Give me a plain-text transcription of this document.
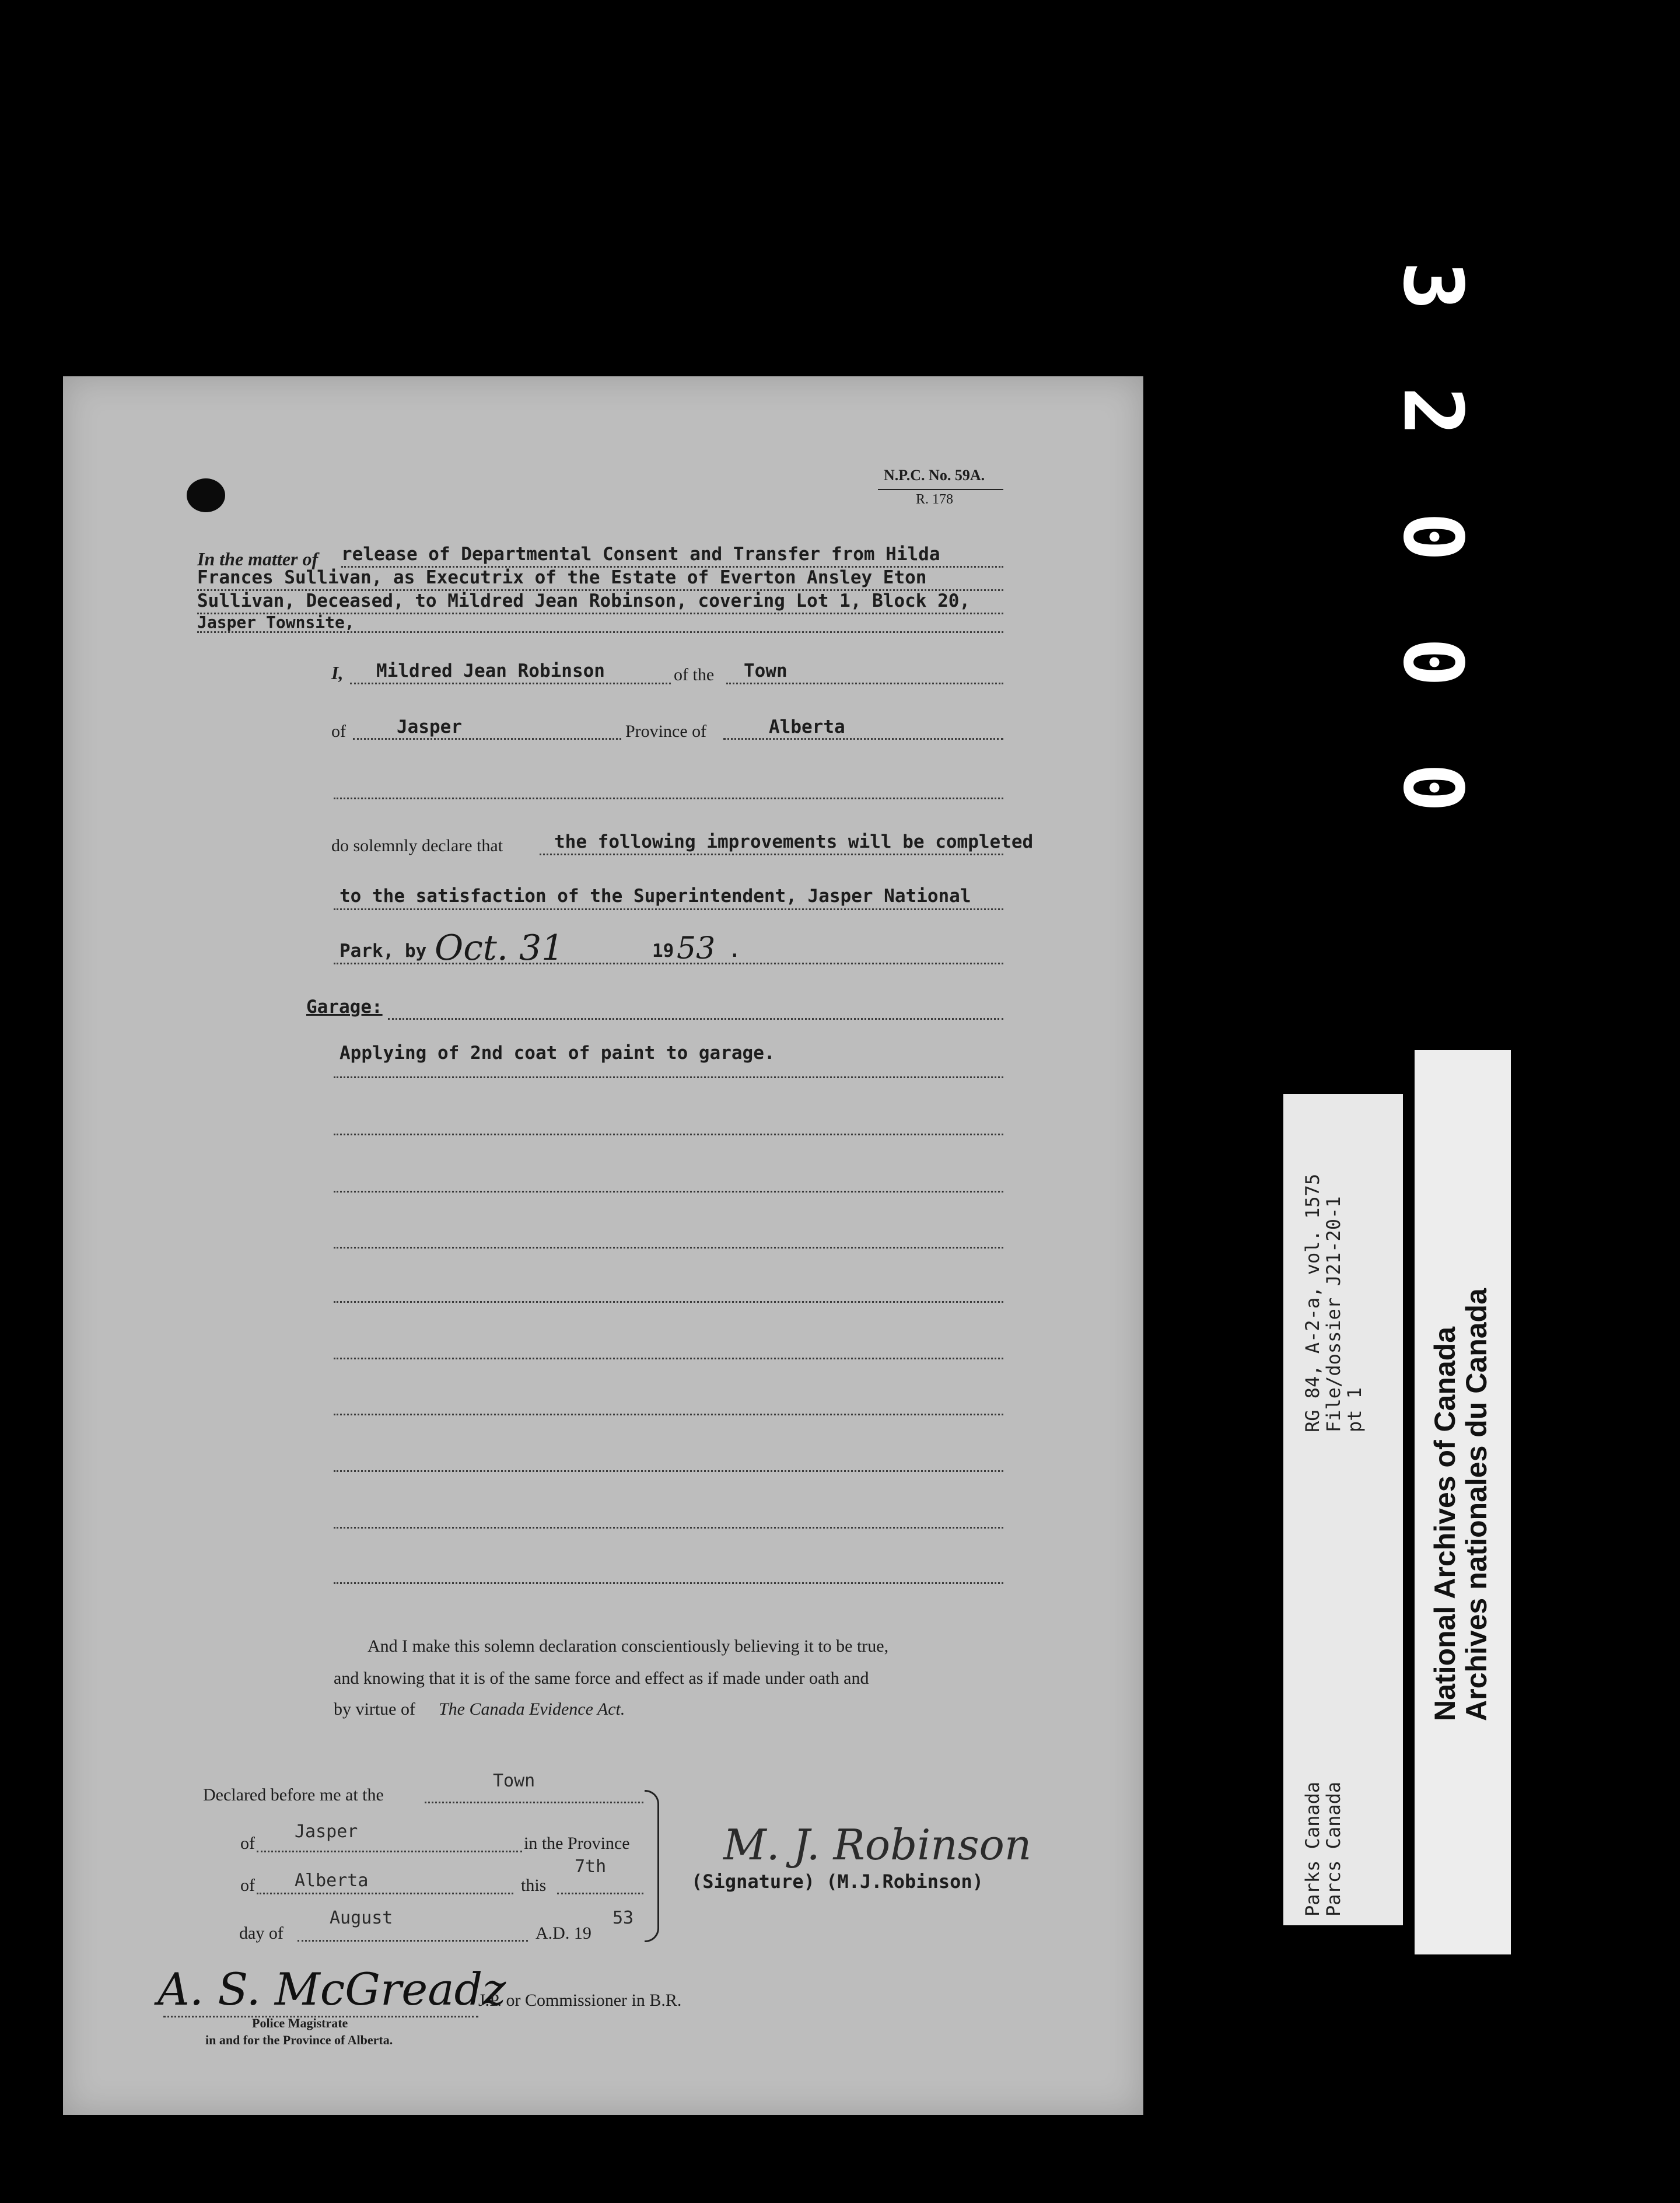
3
2
0
0
0
RG 84, A-2-a, vol. 1575
File/dossier J21-20-1
pt 1
Parks Canada
Parcs Canada
National Archives of Canada
Archives nationales du Canada
N.P.C. No. 59A.
R. 178
In the matter of release of Departmental Consent and Transfer from Hilda
Frances Sullivan, as Executrix of the Estate of Everton Ansley Eton
Sullivan, Deceased, to Mildred Jean Robinson, covering Lot 1, Block 20,
Jasper Townsite,
I, Mildred Jean Robinson	of the Town
of	Jasper	Province of	Alberta
do solemnly declare that	the following improvements will be completed
to the satisfaction of the Superintendent, Jasper National
Park, by Oct. 31	19 53 .
Garage:
Applying of 2nd coat of paint to garage.
And I make this solemn declaration conscientiously believing it to be true,
and knowing that it is of the same force and effect as if made under oath and
by virtue of The Canada Evidence Act.
Declared before me at the
Town
of
Jasper
in the Province
of Alberta	this
7th
day of
August
A.D. 19
53
M. J. Robinson
(Signature) (M.J.Robinson)
A. S. McGreadz
J.P. or Commissioner in B.R.
Police Magistrate
in and for the Province of Alberta.
